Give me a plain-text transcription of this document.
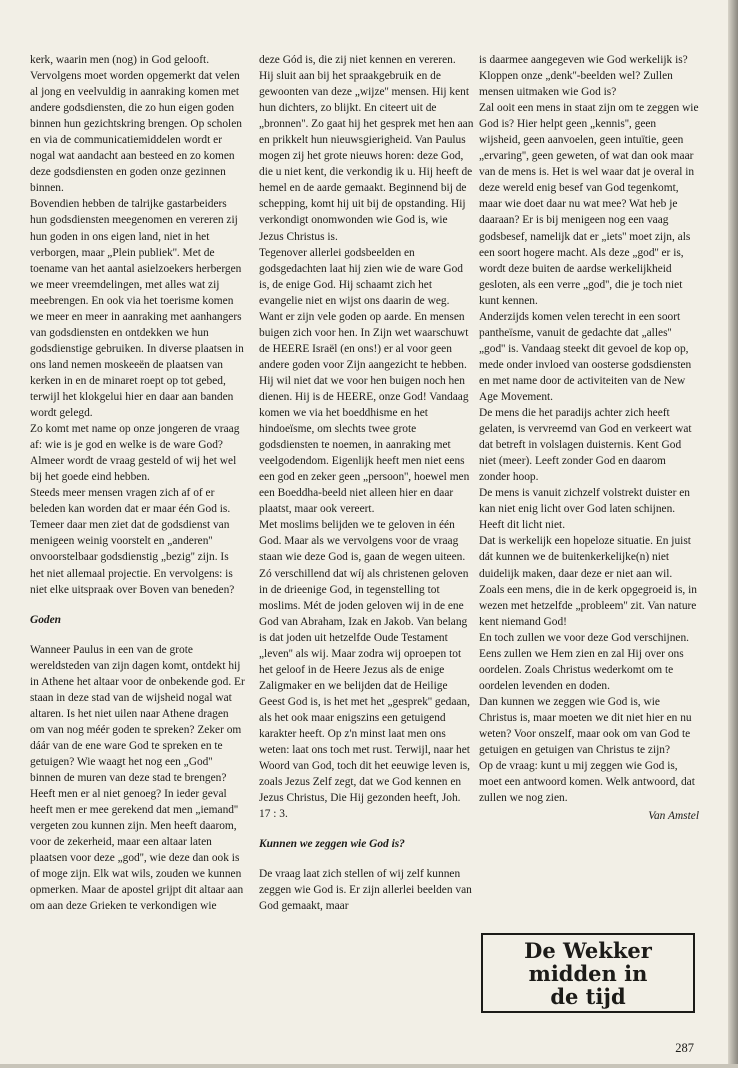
kerk, waarin men (nog) in God gelooft. Vervolgens moet worden opgemerkt dat velen al jong en veelvuldig in aanraking komen met andere godsdiensten, die zo hun eigen goden binnen hun gezichtskring brengen. Op scholen en via de communicatiemiddelen wordt er nogal wat aandacht aan besteed en zo komen deze godsdiensten en goden onze gezinnen binnen.

Bovendien hebben de talrijke gastarbeiders hun godsdiensten meegenomen en vereren zij hun goden in ons eigen land, niet in het verborgen, maar „Plein publiek''. Met de toename van het aantal asielzoekers herbergen we meer vreemdelingen, met alles wat zij meebrengen. En ook via het toerisme komen we meer en meer in aanraking met aanhangers van godsdiensten en ontdekken we hun godsdienstige gebruiken. In diverse plaatsen in ons land nemen moskeeën de plaatsen van kerken in en de minaret roept op tot gebed, terwijl het klokgelui hier en daar aan banden wordt gelegd.

Zo komt met name op onze jongeren de vraag af: wie is je god en welke is de ware God?

Almeer wordt de vraag gesteld of wij het wel bij het goede eind hebben.

Steeds meer mensen vragen zich af of er beleden kan worden dat er maar één God is. Temeer daar men ziet dat de godsdienst van menigeen weinig voorstelt en „anderen'' onvoorstelbaar godsdienstig „bezig'' zijn. Is het niet allemaal projectie. En vervolgens: is niet elke uitspraak over Boven van beneden?

Goden

Wanneer Paulus in een van de grote wereldsteden van zijn dagen komt, ontdekt hij in Athene het altaar voor de onbekende god. Er staan in deze stad van de wijsheid nogal wat altaren. Is het niet uilen naar Athene dragen om van nog méér goden te spreken? Zeker om dáár van de ene ware God te spreken en te getuigen? Wie waagt het nog een „God'' binnen de muren van deze stad te brengen? Heeft men er al niet genoeg? In ieder geval heeft men er mee gerekend dat men „iemand'' vergeten zou kunnen zijn. Men heeft daarom, voor de zekerheid, maar een altaar laten plaatsen voor deze „god'', wie deze dan ook is of moge zijn. Elk wat wils, zouden we kunnen opmerken. Maar de apostel grijpt dit altaar aan om aan deze Grieken te verkondigen wie

deze Gód is, die zij niet kennen en vereren.

Hij sluit aan bij het spraakgebruik en de gewoonten van deze „wijze'' mensen. Hij kent hun dichters, zo blijkt. En citeert uit de „bronnen''. Zo gaat hij het gesprek met hen aan en prikkelt hun nieuwsgierigheid. Van Paulus mogen zij het grote nieuws horen: deze God, die u niet kent, die verkondig ik u. Hij heeft de hemel en de aarde gemaakt. Beginnend bij de schepping, komt hij uit bij de opstanding. Hij verkondigt onomwonden wie God is, wie Jezus Christus is.

Tegenover allerlei godsbeelden en godsgedachten laat hij zien wie de ware God is, de enige God. Hij schaamt zich het evangelie niet en wijst ons daarin de weg.

Want er zijn vele goden op aarde. En mensen buigen zich voor hen. In Zijn wet waarschuwt de HEERE Israël (en ons!) er al voor geen andere goden voor Zijn aangezicht te hebben. Hij wil niet dat we voor hen buigen noch hen dienen. Hij is de HEERE, onze God! Vandaag komen we via het boeddhisme en het hindoeïsme, om slechts twee grote godsdiensten te noemen, in aanraking met veelgodendom. Eigenlijk heeft men niet eens een god en zeker geen „persoon'', hoewel men een Boeddha-beeld niet alleen hier en daar plaatst, maar ook vereert.

Met moslims belijden we te geloven in één God. Maar als we vervolgens voor de vraag staan wie deze God is, gaan de wegen uiteen. Zó verschillend dat wíj als christenen geloven in de drieenige God, in tegenstelling tot moslims. Mét de joden geloven wij in de ene God van Abraham, Izak en Jakob. Van belang is dat joden uit hetzelfde Oude Testament „leven'' als wij. Maar zodra wij oproepen tot het geloof in de Heere Jezus als de enige Zaligmaker en we belijden dat de Heilige Geest God is, is het met het „gesprek'' gedaan, als het ook maar enigszins een getuigend karakter heeft. Op z'n minst laat men ons weten: laat ons toch met rust. Terwijl, naar het Woord van God, toch dit het eeuwige leven is, zoals Jezus Zelf zegt, dat we God kennen en Jezus Christus, Die Hij gezonden heeft, Joh. 17 : 3.

Kunnen we zeggen wie God is?

De vraag laat zich stellen of wij zelf kunnen zeggen wie God is. Er zijn allerlei beelden van God gemaakt, maar

is daarmee aangegeven wie God werkelijk is? Kloppen onze „denk''-beelden wel? Zullen mensen uitmaken wie God is?

Zal ooit een mens in staat zijn om te zeggen wie God is? Hier helpt geen „kennis'', geen wijsheid, geen aanvoelen, geen intuïtie, geen „ervaring'', geen geweten, of wat dan ook maar van de mens is. Het is wel waar dat je overal in deze wereld enig besef van God tegenkomt, maar wie doet daar nu wat mee? Wat heb je daaraan? Er is bij menigeen nog een vaag godsbesef, namelijk dat er „iets'' moet zijn, als een soort hogere macht. Als deze „god'' er is, wordt deze buiten de aardse werkelijkheid gesloten, als een verre „god'', die je toch niet kunt kennen.

Anderzijds komen velen terecht in een soort pantheïsme, vanuit de gedachte dat „alles'' „god'' is. Vandaag steekt dit gevoel de kop op, mede onder invloed van oosterse godsdiensten en met name door de activiteiten van de New Age Movement.

De mens die het paradijs achter zich heeft gelaten, is vervreemd van God en verkeert wat dat betreft in volslagen duisternis. Kent God niet (meer). Leeft zonder God en daarom zonder hoop.

De mens is vanuit zichzelf volstrekt duister en kan niet enig licht over God laten schijnen. Heeft dit licht niet.

Dat is werkelijk een hopeloze situatie. En juist dát kunnen we de buitenkerkelijke(n) niet duidelijk maken, daar deze er niet aan wil. Zoals een mens, die in de kerk opgegroeid is, in wezen met hetzelfde „probleem'' zit. Van nature kent niemand God!

En toch zullen we voor deze God verschijnen. Eens zullen we Hem zien en zal Hij over ons oordelen. Zoals Christus wederkomt om te oordelen levenden en doden.

Dan kunnen we zeggen wie God is, wie Christus is, maar moeten we dit niet hier en nu weten? Voor onszelf, maar ook om van God te getuigen en getuigen van Christus te zijn?

Op de vraag: kunt u mij zeggen wie God is, moet een antwoord komen. Welk antwoord, dat zullen we nog zien.

Van Amstel

De Wekker
midden in
de tijd
287
